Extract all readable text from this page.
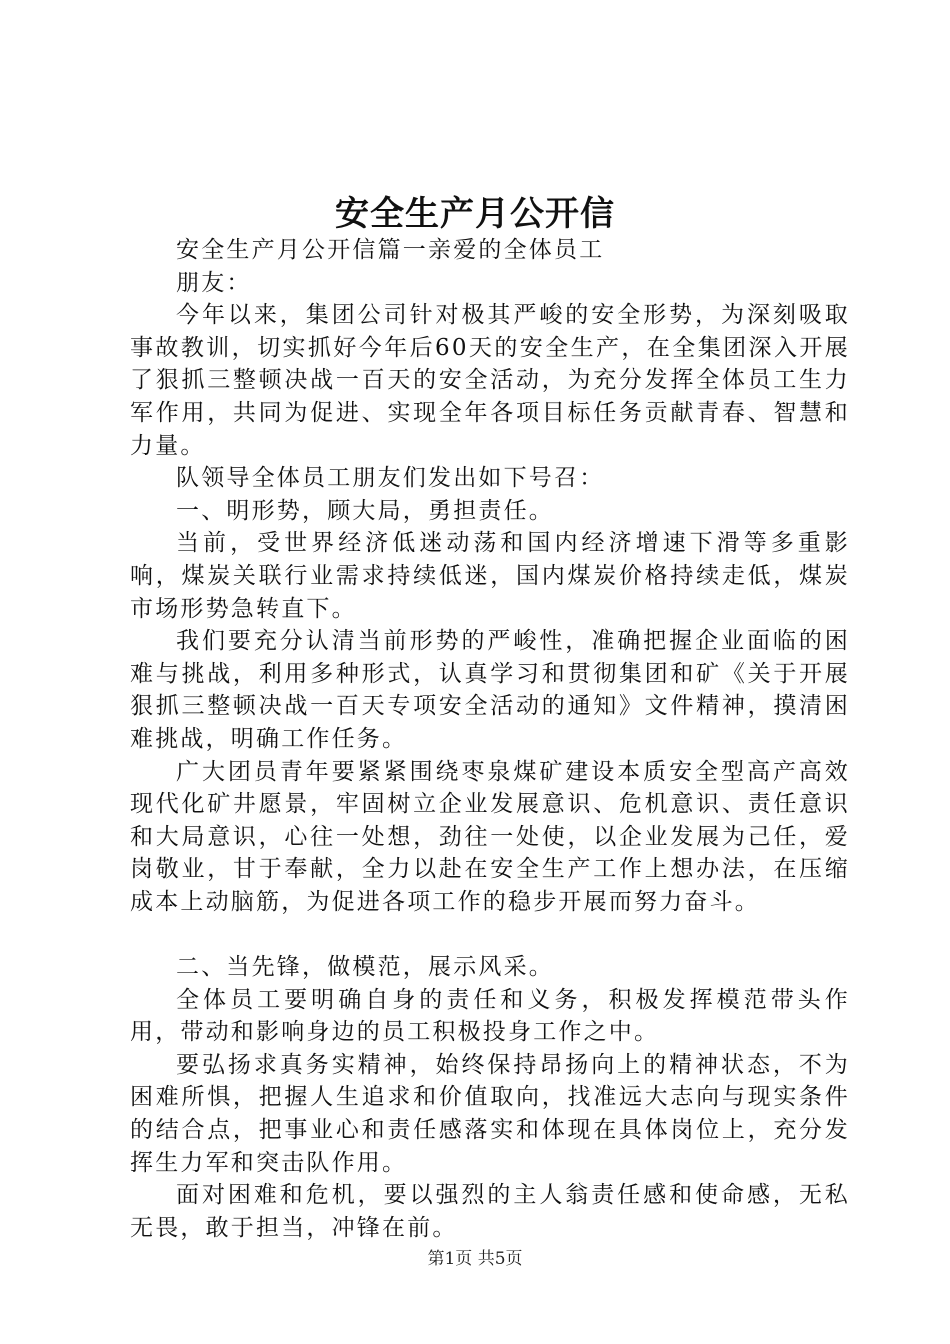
安全生产月公开信

安全生产月公开信篇一亲爱的全体员工

朋友：

今年以来，集团公司针对极其严峻的安全形势，为深刻吸取事故教训，切实抓好今年后60天的安全生产，在全集团深入开展了狠抓三整顿决战一百天的安全活动，为充分发挥全体员工生力军作用，共同为促进、实现全年各项目标任务贡献青春、智慧和力量。

队领导全体员工朋友们发出如下号召：

一、明形势，顾大局，勇担责任。

当前，受世界经济低迷动荡和国内经济增速下滑等多重影响，煤炭关联行业需求持续低迷，国内煤炭价格持续走低，煤炭市场形势急转直下。

我们要充分认清当前形势的严峻性，准确把握企业面临的困难与挑战，利用多种形式，认真学习和贯彻集团和矿《关于开展狠抓三整顿决战一百天专项安全活动的通知》文件精神，摸清困难挑战，明确工作任务。

广大团员青年要紧紧围绕枣泉煤矿建设本质安全型高产高效现代化矿井愿景，牢固树立企业发展意识、危机意识、责任意识和大局意识，心往一处想，劲往一处使，以企业发展为己任，爱岗敬业，甘于奉献，全力以赴在安全生产工作上想办法，在压缩成本上动脑筋，为促进各项工作的稳步开展而努力奋斗。

二、当先锋，做模范，展示风采。

全体员工要明确自身的责任和义务，积极发挥模范带头作用，带动和影响身边的员工积极投身工作之中。

要弘扬求真务实精神，始终保持昂扬向上的精神状态，不为困难所惧，把握人生追求和价值取向，找准远大志向与现实条件的结合点，把事业心和责任感落实和体现在具体岗位上，充分发挥生力军和突击队作用。

面对困难和危机，要以强烈的主人翁责任感和使命感，无私无畏，敢于担当，冲锋在前。

第1页 共5页
